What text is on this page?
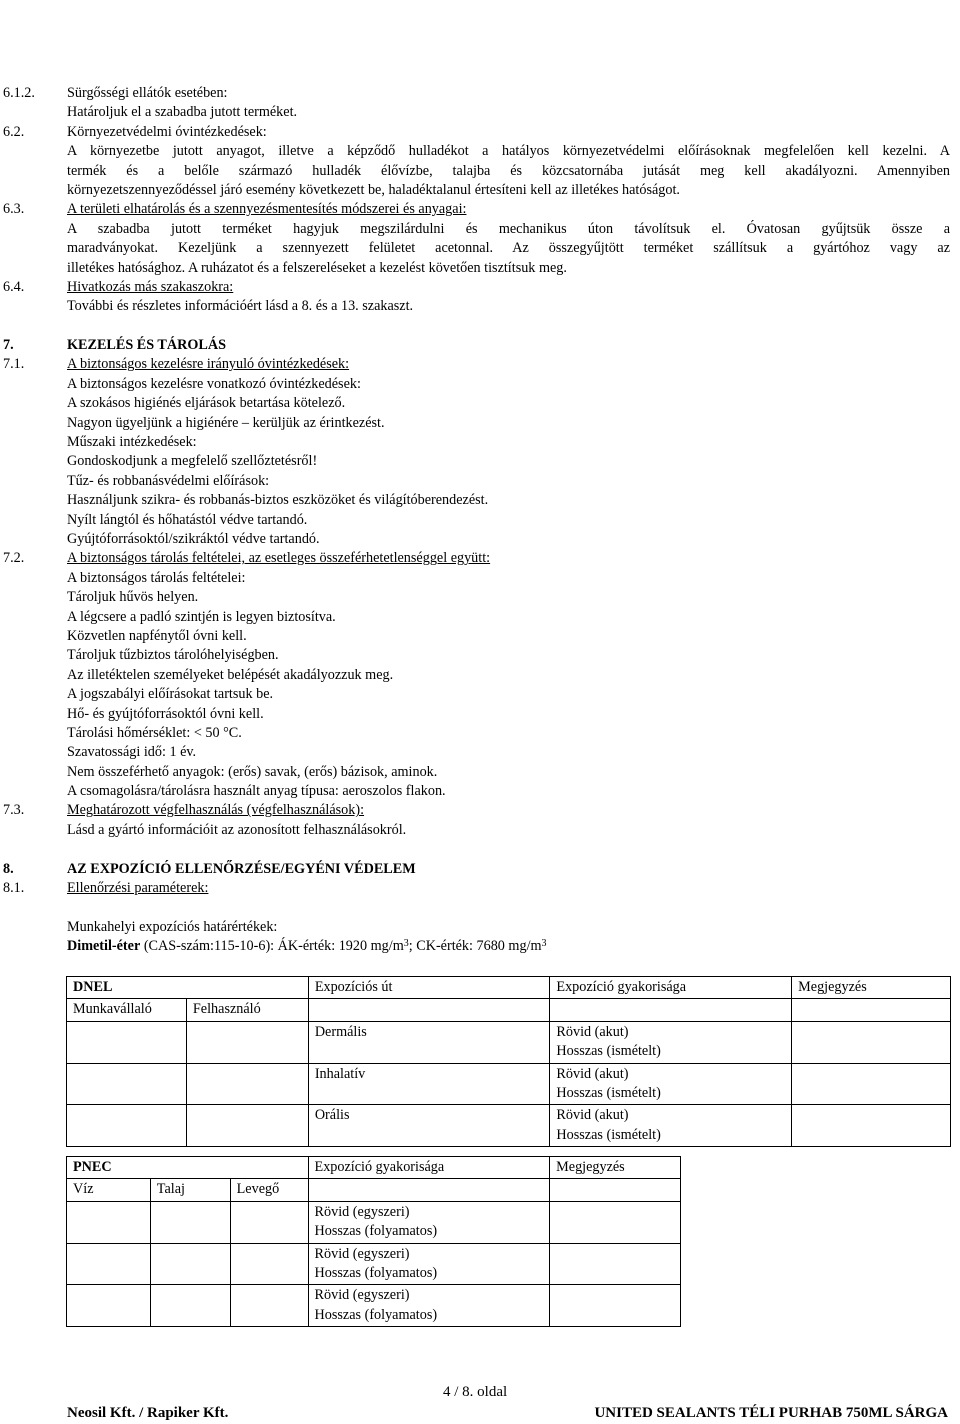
Elkészítés időpontja: 2012. 11. 21.
Felülvizsgálat időpontja: -
Verziószám: 1
http://www.biztonsagiadatlap.hu
6.1.2. Sürgősségi ellátók esetében:
Határoljuk el a szabadba jutott terméket.
6.2.	Környezetvédelmi óvintézkedések:
A környezetbe jutott anyagot, illetve a képződő hulladékot a hatályos környezetvédelmi előírásoknak megfelelően kell kezelni. A
termék és a belőle származó hulladék élővízbe, talajba és közcsatornába jutását meg kell akadályozni. Amennyiben
környezetszennyeződéssel járó esemény következett be, haladéktalanul értesíteni kell az illetékes hatóságot.
6.3.	A területi elhatárolás és a szennyezésmentesítés módszerei és anyagai:
A szabadba jutott terméket hagyjuk megszilárdulni és mechanikus úton távolítsuk el. Óvatosan gyűjtsük össze a
maradványokat. Kezeljünk a szennyezett felületet acetonnal. Az összegyűjtött terméket szállítsuk a gyártóhoz vagy az
illetékes hatósághoz. A ruházatot és a felszereléseket a kezelést követően tisztítsuk meg.
6.4.	Hivatkozás más szakaszokra:
További és részletes információért lásd a 8. és a 13. szakaszt.
7.	KEZELÉS ÉS TÁROLÁS
7.1.	A biztonságos kezelésre irányuló óvintézkedések:
A biztonságos kezelésre vonatkozó óvintézkedések:
A szokásos higiénés eljárások betartása kötelező.
Nagyon ügyeljünk a higiénére – kerüljük az érintkezést.
Műszaki intézkedések:
Gondoskodjunk a megfelelő szellőztetésről!
Tűz- és robbanásvédelmi előírások:
Használjunk szikra- és robbanás-biztos eszközöket és világítóberendezést.
Nyílt lángtól és hőhatástól védve tartandó.
Gyújtóforrásoktól/szikráktól védve tartandó.
7.2.	A biztonságos tárolás feltételei, az esetleges összeférhetetlenséggel együtt:
A biztonságos tárolás feltételei:
Tároljuk hűvös helyen.
A légcsere a padló szintjén is legyen biztosítva.
Közvetlen napfénytől óvni kell.
Tároljuk tűzbiztos tárolóhelyiségben.
Az illetéktelen személyeket belépését akadályozzuk meg.
A jogszabályi előírásokat tartsuk be.
Hő- és gyújtóforrásoktól óvni kell.
Tárolási hőmérséklet: < 50 °C.
Szavatossági idő: 1 év.
Nem összeférhető anyagok: (erős) savak, (erős) bázisok, aminok.
A csomagolásra/tárolásra használt anyag típusa: aeroszolos flakon.
7.3.	Meghatározott végfelhasználás (végfelhasználások):
Lásd a gyártó információit az azonosított felhasználásokról.
8.	AZ EXPOZÍCIÓ ELLENŐRZÉSE/EGYÉNI VÉDELEM
8.1.	Ellenőrzési paraméterek:
Munkahelyi expozíciós határértékek:
Dimetil-éter (CAS-szám:115-10-6): ÁK-érték: 1920 $mg/m^3$; CK-érték: 7680 $mg/m^3$
DNEL		Expozíciós út	Expozíció gyakorisága	Megjegyzés
Munkavállaló	Felhasználó			
		Dermális	Rövid (akut)
Hosszas (ismételt)	
		Inhalatív	Rövid (akut)
Hosszas (ismételt)	
		Orális	Rövid (akut)
Hosszas (ismételt)	
PNEC			Expozíció gyakorisága	Megjegyzés
Víz	Talaj	Levegő		
			Rövid (egyszeri)
Hosszas (folyamatos)	
			Rövid (egyszeri)
Hosszas (folyamatos)	
			Rövid (egyszeri)
Hosszas (folyamatos)	
4 / 8. oldal
Neosil Kft. / Rapiker Kft.	UNITED SEALANTS TÉLI PURHAB 750ML SÁRGA
